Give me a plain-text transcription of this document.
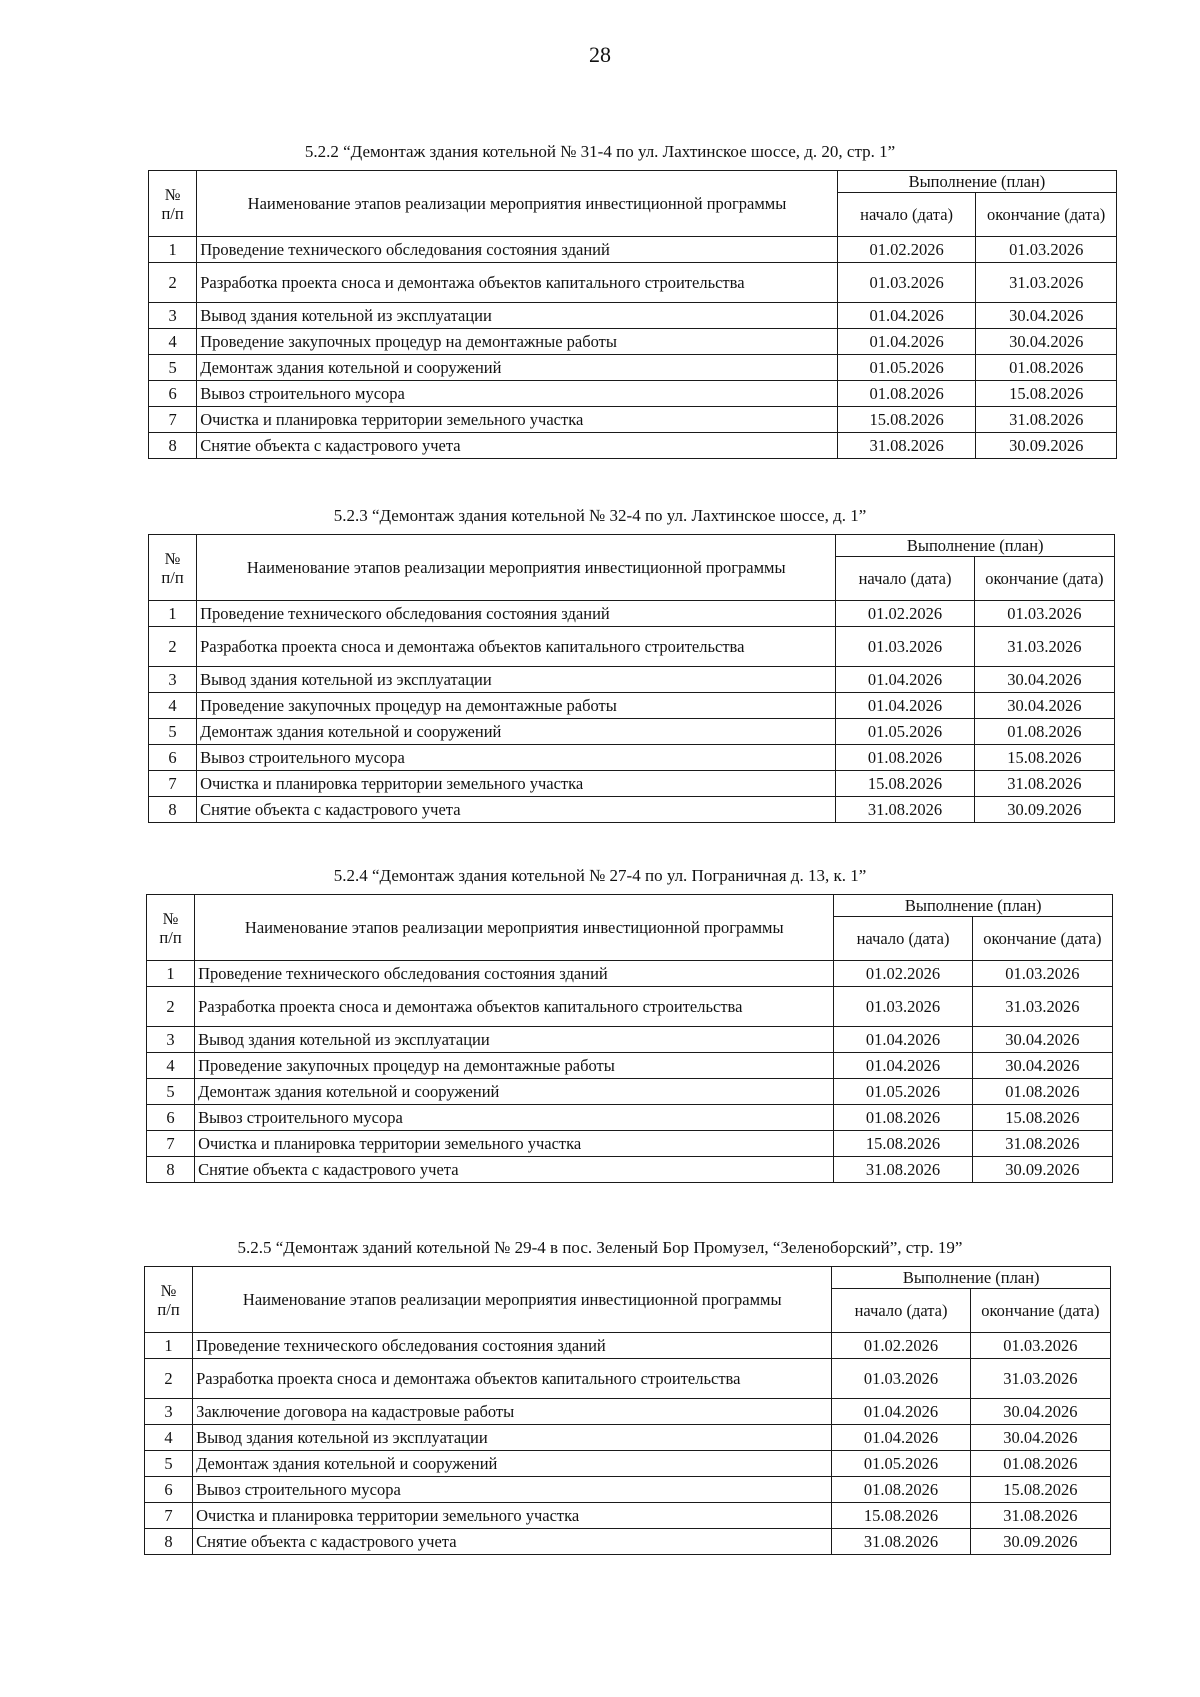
28
5.2.2 “Демонтаж здания котельной № 31-4 по ул. Лахтинское шоссе, д. 20, стр. 1”
№
п/п	Наименование этапов реализации мероприятия инвестиционной программы	Выполнение (план)	
		начало (дата)	окончание (дата)
1	Проведение технического обследования состояния зданий	01.02.2026	01.03.2026
2	Разработка проекта сноса и демонтажа объектов капитального строительства	01.03.2026	31.03.2026
3	Вывод здания котельной из эксплуатации	01.04.2026	30.04.2026
4	Проведение закупочных процедур на демонтажные работы	01.04.2026	30.04.2026
5	Демонтаж здания котельной и сооружений	01.05.2026	01.08.2026
6	Вывоз строительного мусора	01.08.2026	15.08.2026
7	Очистка и планировка территории земельного участка	15.08.2026	31.08.2026
8	Снятие объекта с кадастрового учета	31.08.2026	30.09.2026
5.2.3 “Демонтаж здания котельной № 32-4 по ул. Лахтинское шоссе, д. 1”
№
п/п	Наименование этапов реализации мероприятия инвестиционной программы	Выполнение (план)	
		начало (дата)	окончание (дата)
1	Проведение технического обследования состояния зданий	01.02.2026	01.03.2026
2	Разработка проекта сноса и демонтажа объектов капитального строительства	01.03.2026	31.03.2026
3	Вывод здания котельной из эксплуатации	01.04.2026	30.04.2026
4	Проведение закупочных процедур на демонтажные работы	01.04.2026	30.04.2026
5	Демонтаж здания котельной и сооружений	01.05.2026	01.08.2026
6	Вывоз строительного мусора	01.08.2026	15.08.2026
7	Очистка и планировка территории земельного участка	15.08.2026	31.08.2026
8	Снятие объекта с кадастрового учета	31.08.2026	30.09.2026
5.2.4 “Демонтаж здания котельной № 27-4 по ул. Пограничная д. 13, к. 1”
№
п/п	Наименование этапов реализации мероприятия инвестиционной программы	Выполнение (план)	
		начало (дата)	окончание (дата)
1	Проведение технического обследования состояния зданий	01.02.2026	01.03.2026
2	Разработка проекта сноса и демонтажа объектов капитального строительства	01.03.2026	31.03.2026
3	Вывод здания котельной из эксплуатации	01.04.2026	30.04.2026
4	Проведение закупочных процедур на демонтажные работы	01.04.2026	30.04.2026
5	Демонтаж здания котельной и сооружений	01.05.2026	01.08.2026
6	Вывоз строительного мусора	01.08.2026	15.08.2026
7	Очистка и планировка территории земельного участка	15.08.2026	31.08.2026
8	Снятие объекта с кадастрового учета	31.08.2026	30.09.2026
5.2.5 “Демонтаж зданий котельной № 29-4 в пос. Зеленый Бор Промузел, “Зеленоборский”, стр. 19”
№
п/п	Наименование этапов реализации мероприятия инвестиционной программы	Выполнение (план)	
		начало (дата)	окончание (дата)
1	Проведение технического обследования состояния зданий	01.02.2026	01.03.2026
2	Разработка проекта сноса и демонтажа объектов капитального строительства	01.03.2026	31.03.2026
3	Заключение договора на кадастровые работы	01.04.2026	30.04.2026
4	Вывод здания котельной из эксплуатации	01.04.2026	30.04.2026
5	Демонтаж здания котельной и сооружений	01.05.2026	01.08.2026
6	Вывоз строительного мусора	01.08.2026	15.08.2026
7	Очистка и планировка территории земельного участка	15.08.2026	31.08.2026
8	Снятие объекта с кадастрового учета	31.08.2026	30.09.2026
